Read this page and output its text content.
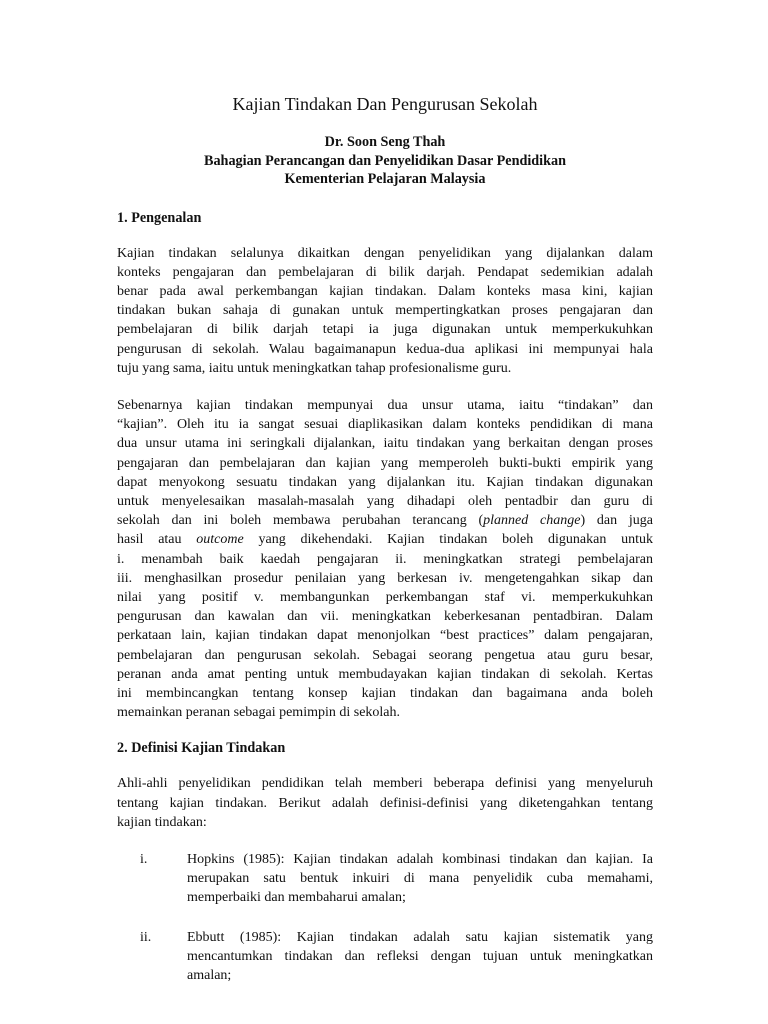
Kajian Tindakan Dan Pengurusan Sekolah
Dr. Soon Seng Thah
Bahagian Perancangan dan Penyelidikan Dasar Pendidikan
Kementerian Pelajaran Malaysia
1. Pengenalan
Kajian tindakan selalunya dikaitkan dengan penyelidikan yang dijalankan dalam
konteks pengajaran dan pembelajaran di bilik darjah. Pendapat sedemikian adalah
benar pada awal perkembangan kajian tindakan. Dalam konteks masa kini, kajian
tindakan bukan sahaja di gunakan untuk mempertingkatkan proses pengajaran dan
pembelajaran di bilik darjah tetapi ia juga digunakan untuk memperkukuhkan
pengurusan di sekolah. Walau bagaimanapun kedua-dua aplikasi ini mempunyai hala
tuju yang sama, iaitu untuk meningkatkan tahap profesionalisme guru.
Sebenarnya kajian tindakan mempunyai dua unsur utama, iaitu “tindakan” dan
“kajian”. Oleh itu ia sangat sesuai diaplikasikan dalam konteks pendidikan di mana
dua unsur utama ini seringkali dijalankan, iaitu tindakan yang berkaitan dengan proses
pengajaran dan pembelajaran dan kajian yang memperoleh bukti-bukti empirik yang
dapat menyokong sesuatu tindakan yang dijalankan itu. Kajian tindakan digunakan
untuk menyelesaikan masalah-masalah yang dihadapi oleh pentadbir dan guru di
sekolah dan ini boleh membawa perubahan terancang (planned change) dan juga
hasil atau outcome yang dikehendaki. Kajian tindakan boleh digunakan untuk
i. menambah baik kaedah pengajaran ii. meningkatkan strategi pembelajaran
iii. menghasilkan prosedur penilaian yang berkesan iv. mengetengahkan sikap dan
nilai yang positif v. membangunkan perkembangan staf vi. memperkukuhkan
pengurusan dan kawalan dan vii. meningkatkan keberkesanan pentadbiran. Dalam
perkataan lain, kajian tindakan dapat menonjolkan “best practices” dalam pengajaran,
pembelajaran dan pengurusan sekolah. Sebagai seorang pengetua atau guru besar,
peranan anda amat penting untuk membudayakan kajian tindakan di sekolah. Kertas
ini membincangkan tentang konsep kajian tindakan dan bagaimana anda boleh
memainkan peranan sebagai pemimpin di sekolah.
2. Definisi Kajian Tindakan
Ahli-ahli penyelidikan pendidikan telah memberi beberapa definisi yang menyeluruh
tentang kajian tindakan. Berikut adalah definisi-definisi yang diketengahkan tentang
kajian tindakan:
i.	Hopkins (1985): Kajian tindakan adalah kombinasi tindakan dan kajian. Ia
merupakan satu bentuk inkuiri di mana penyelidik cuba memahami,
memperbaiki dan membaharui amalan;
ii.	Ebbutt (1985): Kajian tindakan adalah satu kajian sistematik yang
mencantumkan tindakan dan refleksi dengan tujuan untuk meningkatkan
amalan;
